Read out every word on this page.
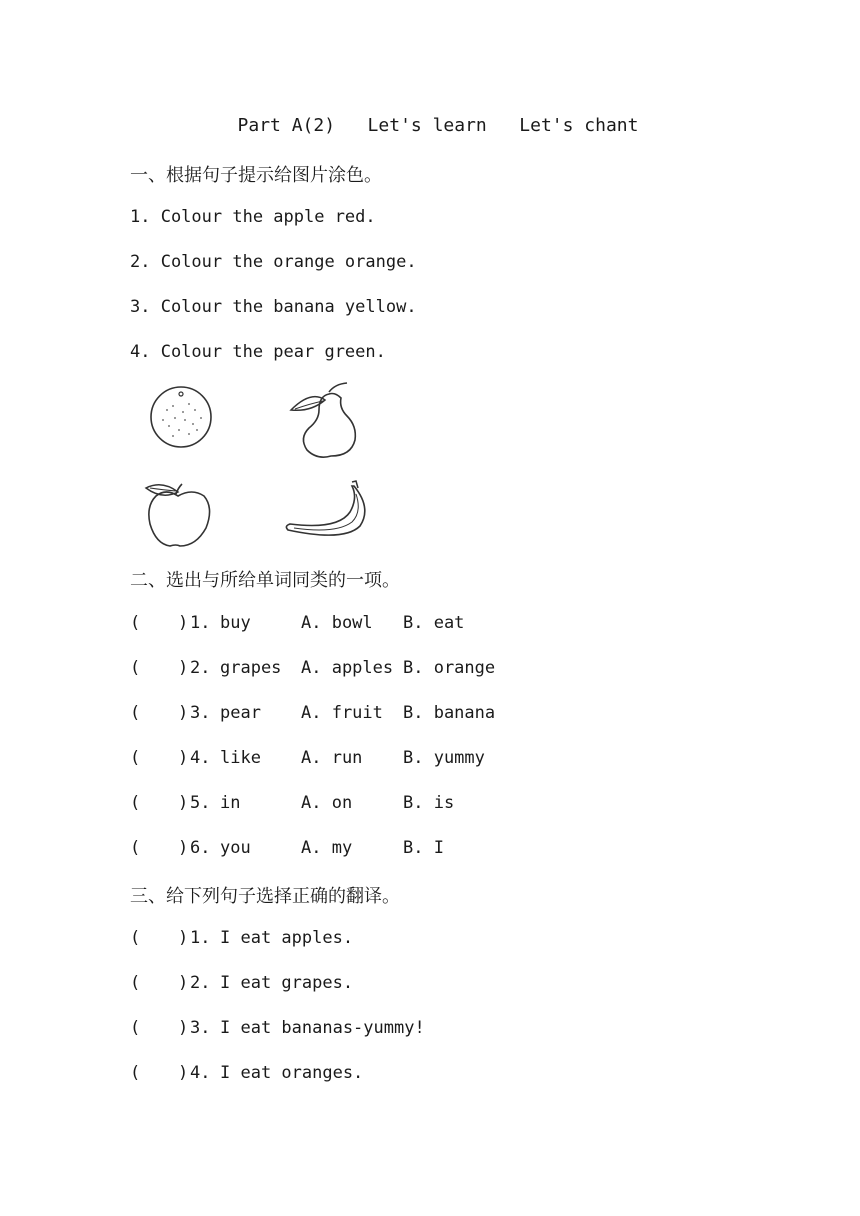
Part A(2)   Let's learn   Let's chant
一、根据句子提示给图片涂色。
1. Colour the apple red.
2. Colour the orange orange.
3. Colour the banana yellow.
4. Colour the pear green.
二、选出与所给单词同类的一项。
( ) 1. buy	A. bowl B. eat
( ) 2. grapes A. apples B. orange
( ) 3. pear A. fruit B. banana
( ) 4. like A. run B. yummy
( ) 5. in	A. on	B. is
( ) 6. you	A. my	B. I
三、给下列句子选择正确的翻译。
( ) 1. I eat apples.
( ) 2. I eat grapes.
( ) 3. I eat bananas-yummy!
( ) 4. I eat oranges.
